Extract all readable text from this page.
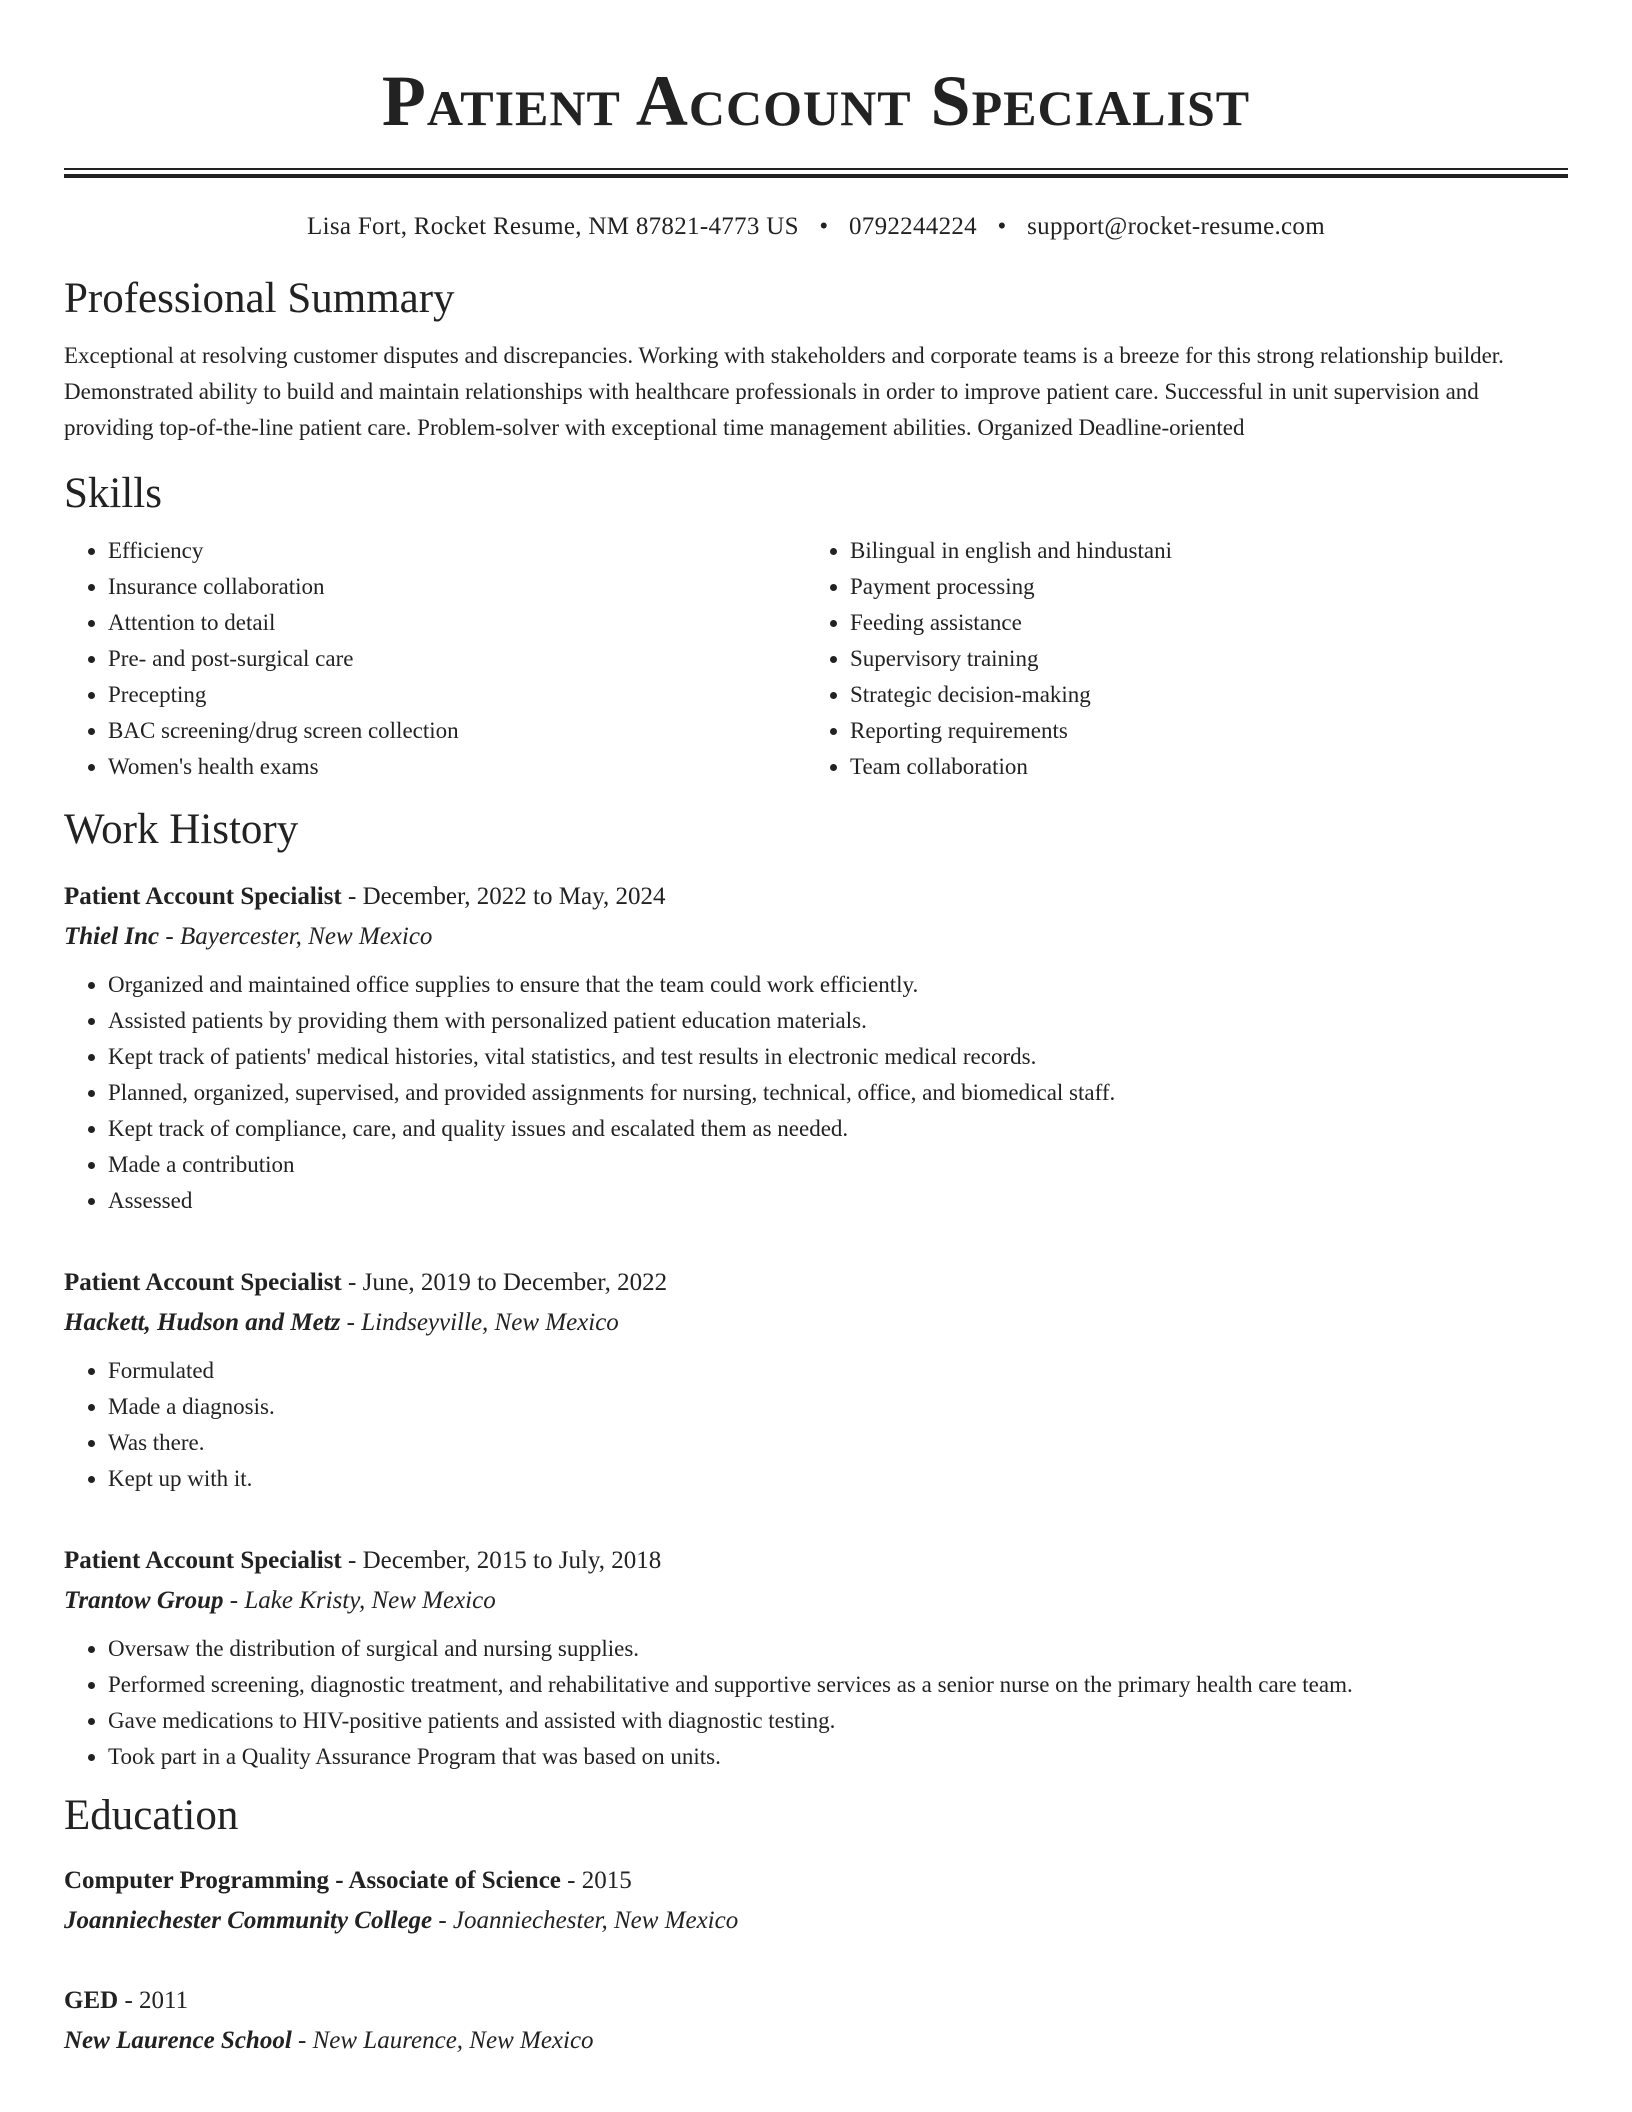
Patient Account Specialist
Lisa Fort, Rocket Resume, NM 87821-4773 US • 0792244224 • support@rocket-resume.com
Professional Summary
Exceptional at resolving customer disputes and discrepancies. Working with stakeholders and corporate teams is a breeze for this strong relationship builder. Demonstrated ability to build and maintain relationships with healthcare professionals in order to improve patient care. Successful in unit supervision and providing top-of-the-line patient care. Problem-solver with exceptional time management abilities. Organized Deadline-oriented
Skills
• Efficiency
• Insurance collaboration
• Attention to detail
• Pre- and post-surgical care
• Precepting
• BAC screening/drug screen collection
• Women's health exams
• Bilingual in english and hindustani
• Payment processing
• Feeding assistance
• Supervisory training
• Strategic decision-making
• Reporting requirements
• Team collaboration
Work History
Patient Account Specialist - December, 2022 to May, 2024
Thiel Inc - Bayercester, New Mexico
• Organized and maintained office supplies to ensure that the team could work efficiently.
• Assisted patients by providing them with personalized patient education materials.
• Kept track of patients' medical histories, vital statistics, and test results in electronic medical records.
• Planned, organized, supervised, and provided assignments for nursing, technical, office, and biomedical staff.
• Kept track of compliance, care, and quality issues and escalated them as needed.
• Made a contribution
• Assessed
Patient Account Specialist - June, 2019 to December, 2022
Hackett, Hudson and Metz - Lindseyville, New Mexico
• Formulated
• Made a diagnosis.
• Was there.
• Kept up with it.
Patient Account Specialist - December, 2015 to July, 2018
Trantow Group - Lake Kristy, New Mexico
• Oversaw the distribution of surgical and nursing supplies.
• Performed screening, diagnostic treatment, and rehabilitative and supportive services as a senior nurse on the primary health care team.
• Gave medications to HIV-positive patients and assisted with diagnostic testing.
• Took part in a Quality Assurance Program that was based on units.
Education
Computer Programming - Associate of Science - 2015
Joanniechester Community College - Joanniechester, New Mexico
GED - 2011
New Laurence School - New Laurence, New Mexico
